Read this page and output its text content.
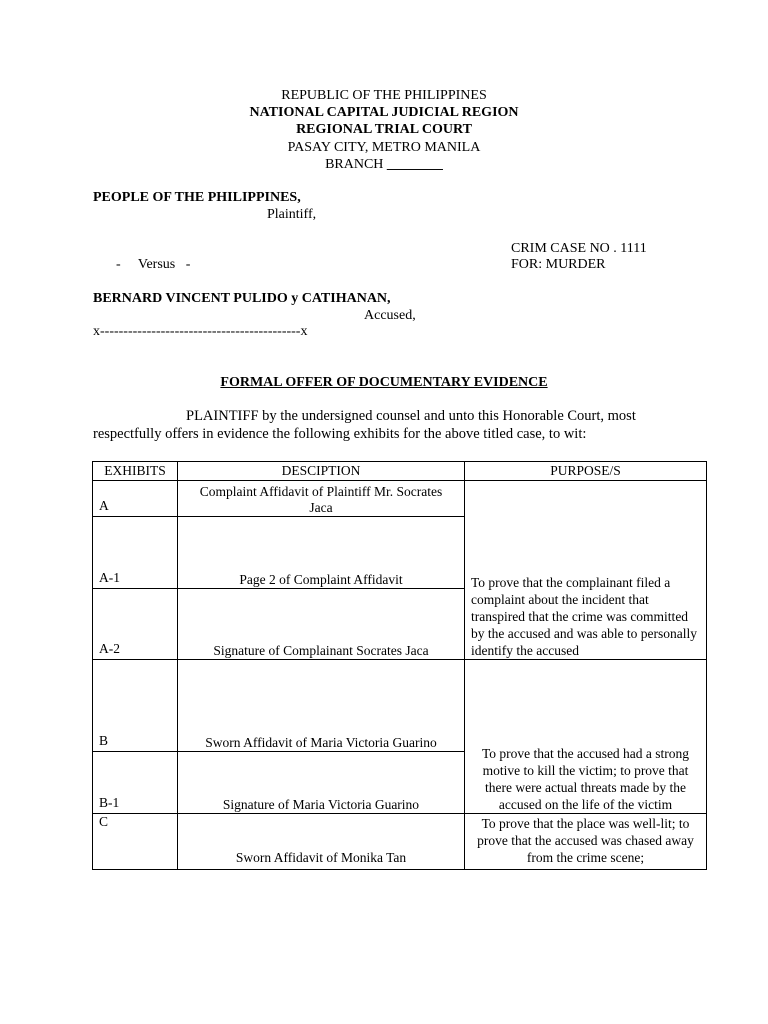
REPUBLIC OF THE PHILIPPINES
NATIONAL CAPITAL JUDICIAL REGION
REGIONAL TRIAL COURT
PASAY CITY, METRO MANILA
BRANCH ________
PEOPLE OF THE PHILIPPINES,
Plaintiff,
CRIM CASE NO . 1111
-     Versus   -	FOR: MURDER
BERNARD VINCENT PULIDO y CATIHANAN,
Accused,
x-------------------------------------------x
FORMAL OFFER OF DOCUMENTARY EVIDENCE
PLAINTIFF by the undersigned counsel and unto this Honorable Court, most
respectfully offers in evidence the following exhibits for the above titled case, to wit:
EXHIBITS	DESCIPTION	PURPOSE/S
A	Complaint Affidavit of Plaintiff Mr. Socrates Jaca	To prove that the complainant filed a complaint about the incident that transpired that the crime was committed by the accused and was able to personally identify the accused

A-1	Page 2 of Complaint Affidavit	
A-2	Signature of Complainant Socrates Jaca	
B	Sworn Affidavit of Maria Victoria Guarino	To prove that the accused had a strong motive to kill the victim; to prove that there were actual threats made by the accused on the life of the victim

B-1	Signature of Maria Victoria Guarino	
C	Sworn Affidavit of Monika Tan	To prove that the place was well-lit; to prove that the accused was chased away from the crime scene;
